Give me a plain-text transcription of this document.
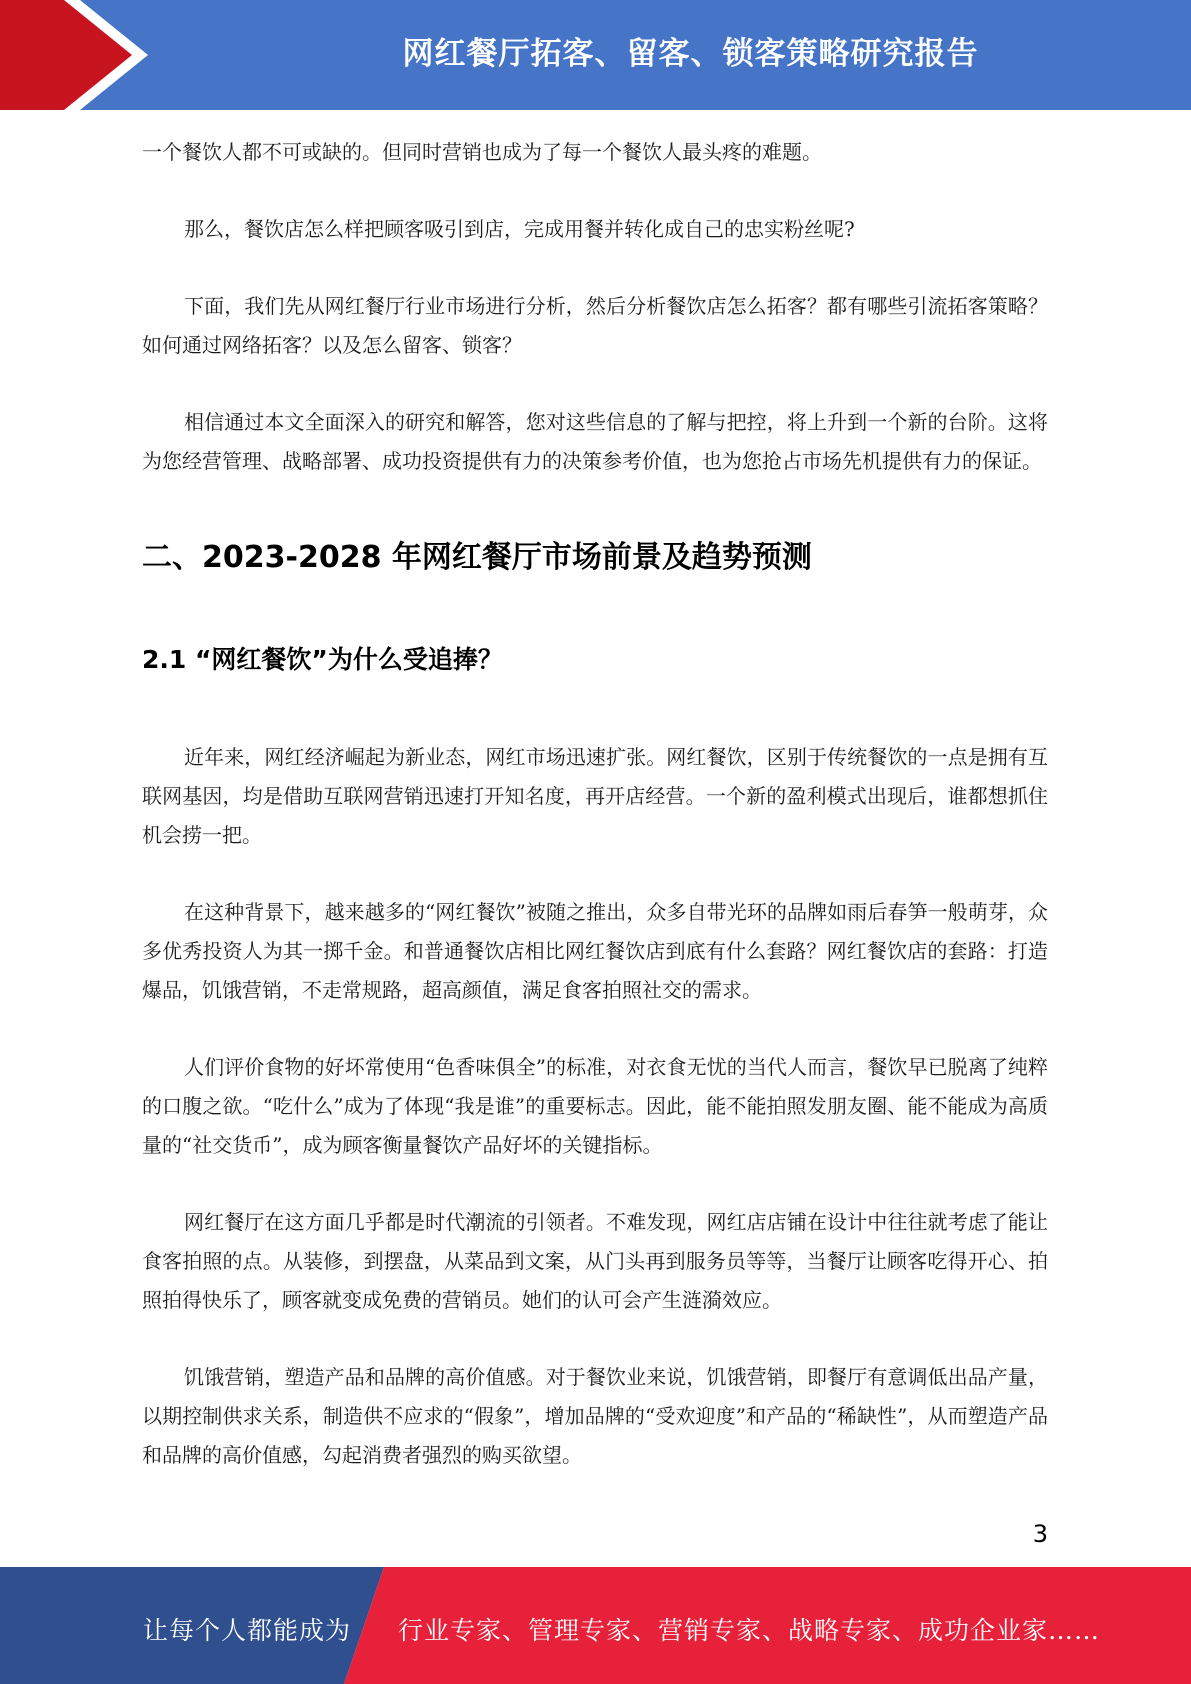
网红餐厅拓客、留客、锁客策略研究报告

一个餐饮人都不可或缺的。但同时营销也成为了每一个餐饮人最头疼的难题。

那么，餐饮店怎么样把顾客吸引到店，完成用餐并转化成自己的忠实粉丝呢?

下面，我们先从网红餐厅行业市场进行分析，然后分析餐饮店怎么拓客？都有哪些引流拓客策略？如何通过网络拓客？以及怎么留客、锁客？

相信通过本文全面深入的研究和解答，您对这些信息的了解与把控，将上升到一个新的台阶。这将为您经营管理、战略部署、成功投资提供有力的决策参考价值，也为您抢占市场先机提供有力的保证。

二、2023-2028 年网红餐厅市场前景及趋势预测
2.1 “网红餐饮”为什么受追捧？

近年来，网红经济崛起为新业态，网红市场迅速扩张。网红餐饮，区别于传统餐饮的一点是拥有互联网基因，均是借助互联网营销迅速打开知名度，再开店经营。一个新的盈利模式出现后，谁都想抓住机会捞一把。

在这种背景下，越来越多的“网红餐饮”被随之推出，众多自带光环的品牌如雨后春笋一般萌芽，众多优秀投资人为其一掷千金。和普通餐饮店相比网红餐饮店到底有什么套路？网红餐饮店的套路：打造爆品，饥饿营销，不走常规路，超高颜值，满足食客拍照社交的需求。

人们评价食物的好坏常使用“色香味俱全”的标准，对衣食无忧的当代人而言，餐饮早已脱离了纯粹的口腹之欲。“吃什么”成为了体现“我是谁”的重要标志。因此，能不能拍照发朋友圈、能不能成为高质量的“社交货币”，成为顾客衡量餐饮产品好坏的关键指标。

网红餐厅在这方面几乎都是时代潮流的引领者。不难发现，网红店店铺在设计中往往就考虑了能让食客拍照的点。从装修，到摆盘，从菜品到文案，从门头再到服务员等等，当餐厅让顾客吃得开心、拍照拍得快乐了，顾客就变成免费的营销员。她们的认可会产生涟漪效应。

饥饿营销，塑造产品和品牌的高价值感。对于餐饮业来说，饥饿营销，即餐厅有意调低出品产量，以期控制供求关系，制造供不应求的“假象”，增加品牌的“受欢迎度”和产品的“稀缺性”，从而塑造产品和品牌的高价值感，勾起消费者强烈的购买欲望。

3
让每个人都能成为 行业专家、管理专家、营销专家、战略专家、成功企业家……
